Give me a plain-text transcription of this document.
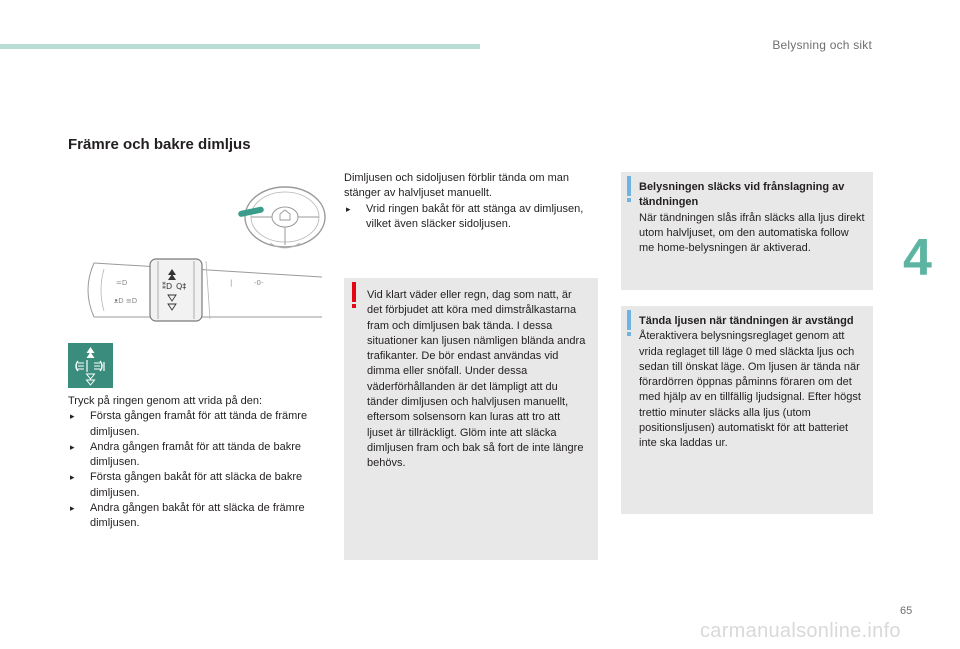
Belysning och sikt
4
Främre och bakre dimljus
⁑D Q‡
=D
ᴥD ≡D
|	-0-

Tryck på ringen genom att vrida på den:

▸ Första gången framåt för att tända de främre dimljusen.
▸ Andra gången framåt för att tända de bakre dimljusen.
▸ Första gången bakåt för att släcka de bakre dimljusen.
▸ Andra gången bakåt för att släcka de främre dimljusen.

Dimljusen och sidoljusen förblir tända om man stänger av halvljuset manuellt.

▸ Vrid ringen bakåt för att stänga av dimljusen, vilket även släcker sidoljusen.

Vid klart väder eller regn, dag som natt, är det förbjudet att köra med dimstrålkastarna fram och dimljusen bak tända. I dessa situationer kan ljusen nämligen blända andra trafikanter. De bör endast användas vid dimma eller snöfall. Under dessa väderförhållanden är det lämpligt att du tänder dimljusen och halvljusen manuellt, eftersom solsensorn kan luras att tro att ljuset är tillräckligt. Glöm inte att släcka dimljusen fram och bak så fort de inte längre behövs.

Belysningen släcks vid frånslagning av tändningen

När tändningen slås ifrån släcks alla ljus direkt utom halvljuset, om den automatiska follow me home-belysningen är aktiverad.

Tända ljusen när tändningen är avstängd

Återaktivera belysningsreglaget genom att vrida reglaget till läge 0 med släckta ljus och sedan till önskat läge. Om ljusen är tända när förardörren öppnas påminns föraren om det med hjälp av en tillfällig ljudsignal. Efter högst trettio minuter släcks alla ljus (utom positionsljusen) automatiskt för att batteriet inte ska laddas ur.

65
carmanualsonline.info
